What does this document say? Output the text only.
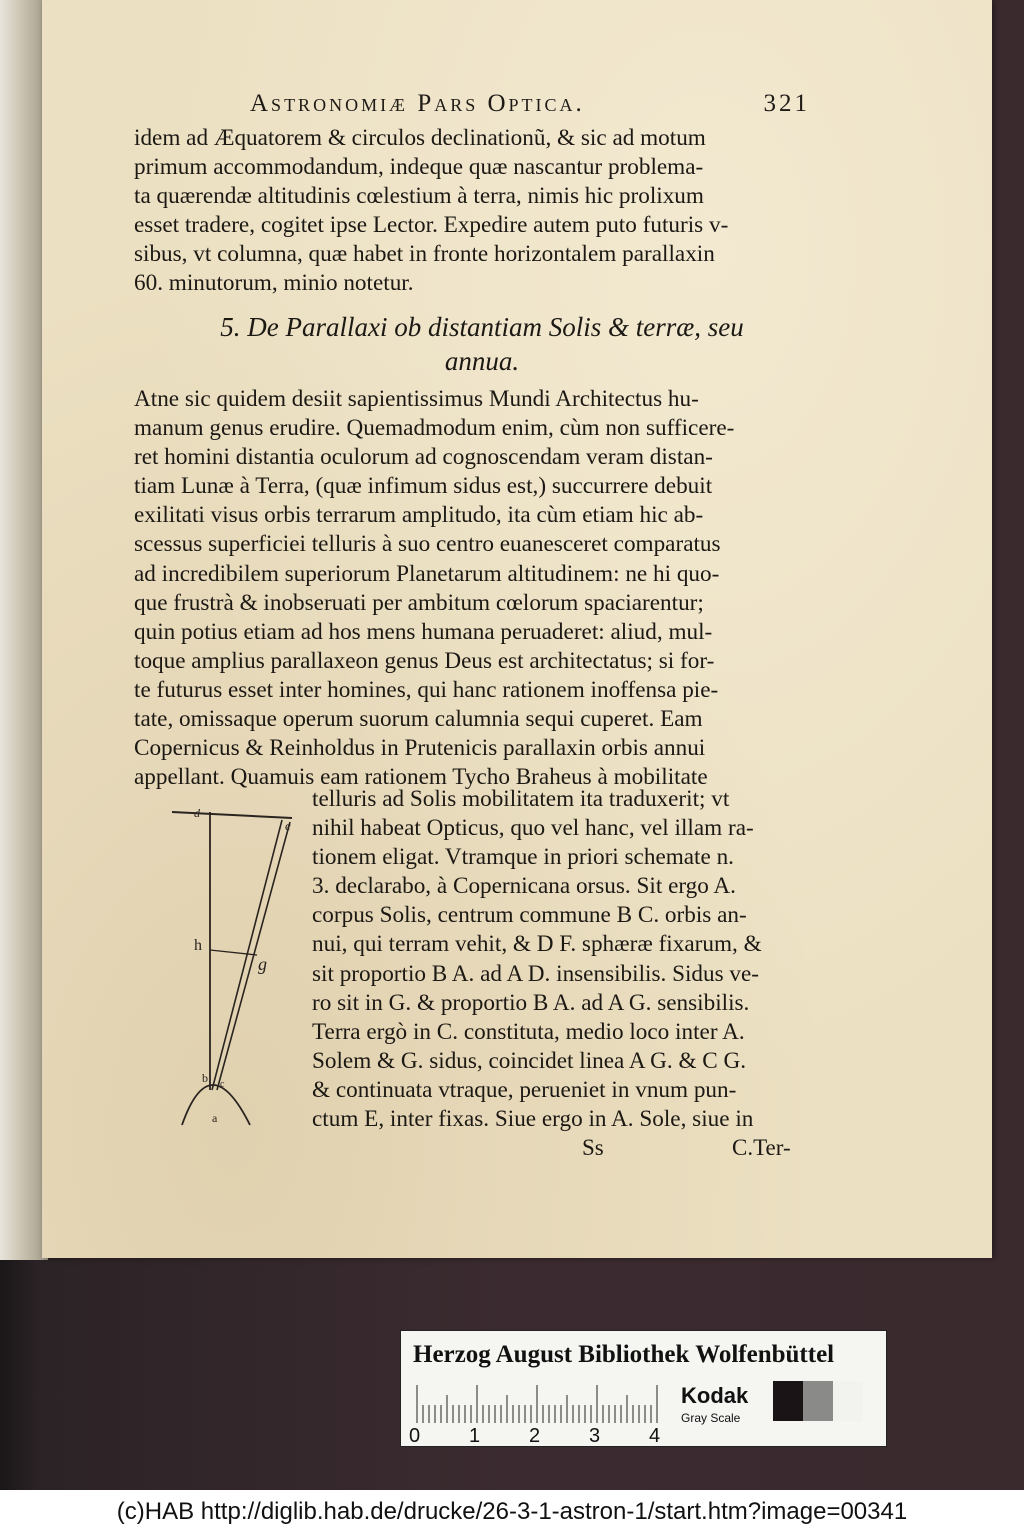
Astronomiæ Pars Optica.	321
idem ad Æquatorem & circulos declinationũ, & sic ad motum
primum accommodandum, indeque quæ nascantur problema-
ta quærendæ altitudinis cœlestium à terra, nimis hic prolixum
esset tradere, cogitet ipse Lector. Expedire autem puto futuris v-
sibus, vt columna, quæ habet in fronte horizontalem parallaxin
60. minutorum, minio notetur.
5. De Parallaxi ob distantiam Solis & terræ, seu
annua.
Atne sic quidem desiit sapientissimus Mundi Architectus hu-
manum genus erudire. Quemadmodum enim, cùm non sufficere-
ret homini distantia oculorum ad cognoscendam veram distan-
tiam Lunæ à Terra, (quæ infimum sidus est,) succurrere debuit
exilitati visus orbis terrarum amplitudo, ita cùm etiam hic ab-
scessus superficiei telluris à suo centro euanesceret comparatus
ad incredibilem superiorum Planetarum altitudinem: ne hi quo-
que frustrà & inobseruati per ambitum cœlorum spaciarentur;
quin potius etiam ad hos mens humana peruaderet: aliud, mul-
toque amplius parallaxeon genus Deus est architectatus; si for-
te futurus esset inter homines, qui hanc rationem inoffensa pie-
tate, omissaque operum suorum calumnia sequi cuperet. Eam
Copernicus & Reinholdus in Prutenicis parallaxin orbis annui
appellant. Quamuis eam rationem Tycho Braheus à mobilitate
d
e
h
g
b c
a
telluris ad Solis mobilitatem ita traduxerit; vt
nihil habeat Opticus, quo vel hanc, vel illam ra-
tionem eligat. Vtramque in priori schemate n.
3. declarabo, à Copernicana orsus. Sit ergo A.
corpus Solis, centrum commune B C. orbis an-
nui, qui terram vehit, & D F. sphæræ fixarum, &
sit proportio B A. ad A D. insensibilis. Sidus ve-
ro sit in G. & proportio B A. ad A G. sensibilis.
Terra ergò in C. constituta, medio loco inter A.
Solem & G. sidus, coincidet linea A G. & C G.
& continuata vtraque, perueniet in vnum pun-
ctum E, inter fixas. Siue ergo in A. Sole, siue in
Ss	C.Ter-
Herzog August Bibliothek Wolfenbüttel
0 1 2 3 4
Kodak
Gray Scale
(c)HAB http://diglib.hab.de/drucke/26-3-1-astron-1/start.htm?image=00341
